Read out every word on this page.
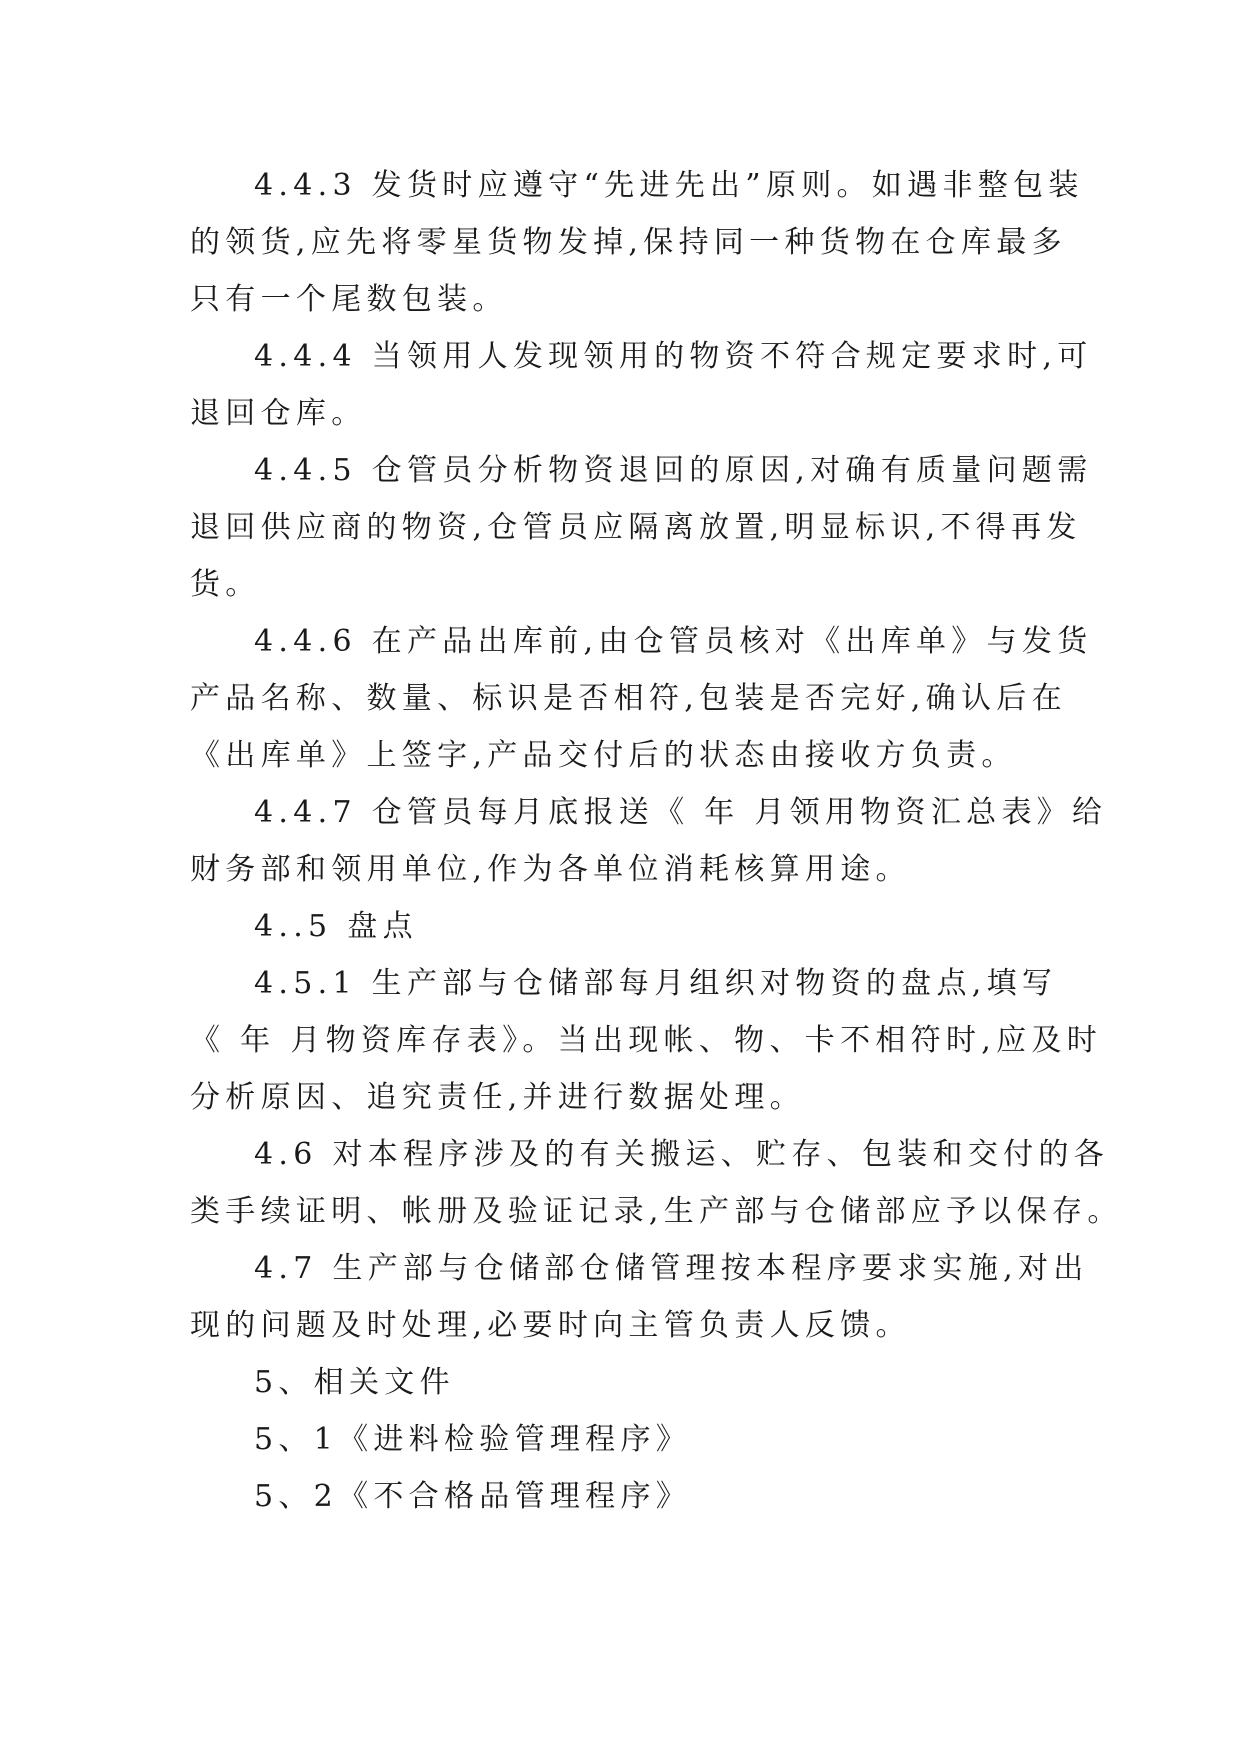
4.4.3 发货时应遵守“先进先出”原则。如遇非整包装
的领货,应先将零星货物发掉,保持同一种货物在仓库最多
只有一个尾数包装。
4.4.4 当领用人发现领用的物资不符合规定要求时,可
退回仓库。
4.4.5 仓管员分析物资退回的原因,对确有质量问题需
退回供应商的物资,仓管员应隔离放置,明显标识,不得再发
货。
4.4.6 在产品出库前,由仓管员核对《出库单》与发货
产品名称、数量、标识是否相符,包装是否完好,确认后在
《出库单》上签字,产品交付后的状态由接收方负责。
4.4.7 仓管员每月底报送《 年 月领用物资汇总表》给
财务部和领用单位,作为各单位消耗核算用途。
4..5 盘点
4.5.1 生产部与仓储部每月组织对物资的盘点,填写
《 年 月物资库存表》。当出现帐、物、卡不相符时,应及时
分析原因、追究责任,并进行数据处理。
4.6 对本程序涉及的有关搬运、贮存、包装和交付的各
类手续证明、帐册及验证记录,生产部与仓储部应予以保存。
4.7 生产部与仓储部仓储管理按本程序要求实施,对出
现的问题及时处理,必要时向主管负责人反馈。
5、相关文件
5、1《进料检验管理程序》
5、2《不合格品管理程序》
